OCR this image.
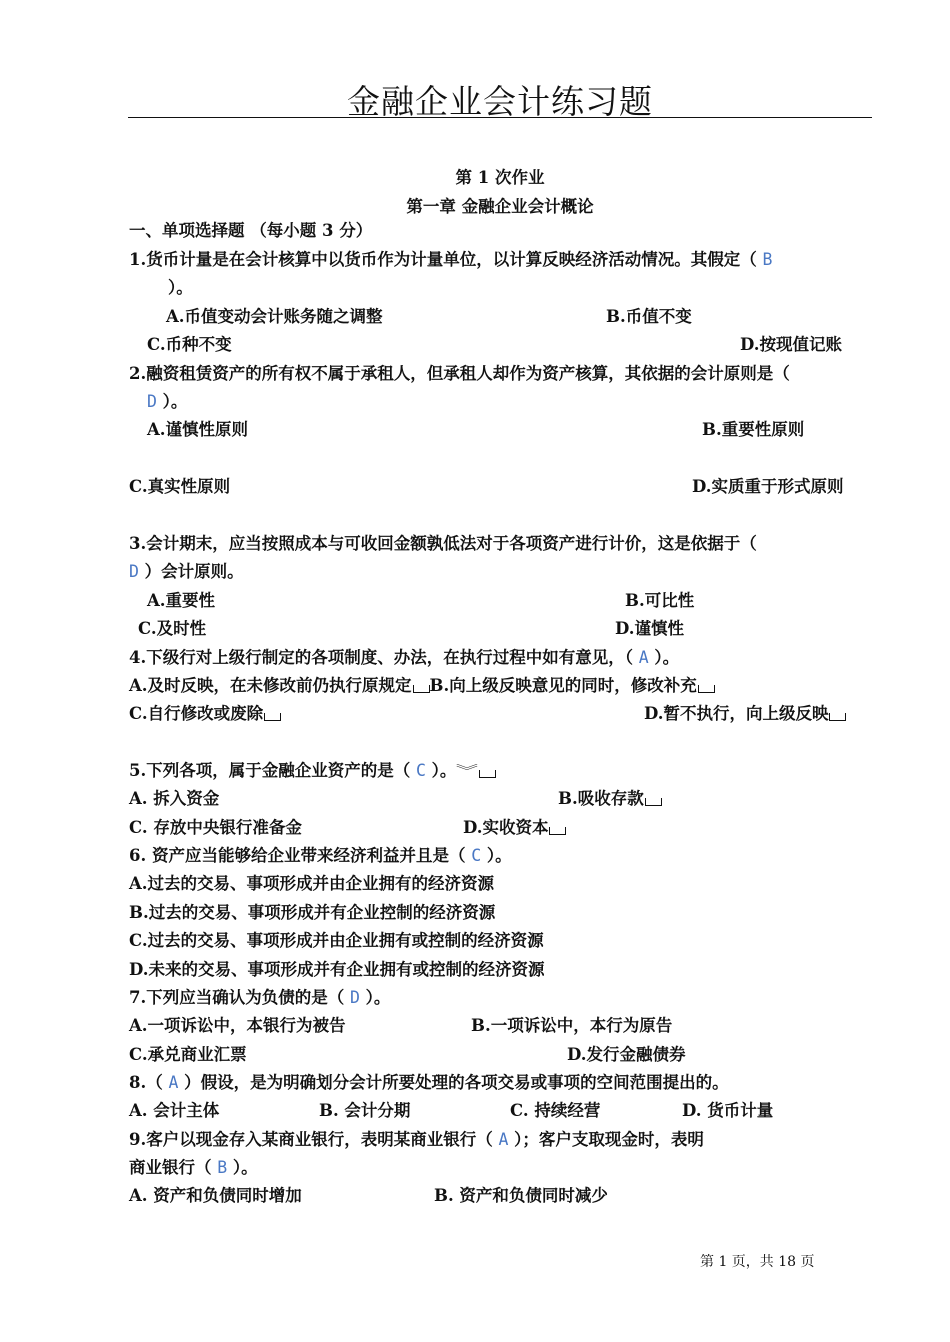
金融企业会计练习题
第 1 次作业
第一章 金融企业会计概论
一、单项选择题 （每小题 3 分）
1.货币计量是在会计核算中以货币作为计量单位，以计算反映经济活动情况。其假定（ B
）。
A.币值变动会计账务随之调整	B.币值不变
C.币种不变	D.按现值记账
2.融资租赁资产的所有权不属于承租人，但承租人却作为资产核算，其依据的会计原则是（
D ）。
A.谨慎性原则	B.重要性原则
C.真实性原则	D.实质重于形式原则
3.会计期末，应当按照成本与可收回金额孰低法对于各项资产进行计价，这是依据于（
D ）会计原则。
A.重要性	B.可比性
C.及时性	D.谨慎性
4.下级行对上级行制定的各项制度、办法，在执行过程中如有意见，（ A ）。
A.及时反映，在未修改前仍执行原规定 B.向上级反映意见的同时，修改补充
C.自行修改或废除	D.暂不执行，向上级反映
5.下列各项，属于金融企业资产的是（ C ）。︾
A. 拆入资金	B.吸收存款
C. 存放中央银行准备金	D.实收资本
6. 资产应当能够给企业带来经济利益并且是（ C ）。
A.过去的交易、事项形成并由企业拥有的经济资源
B.过去的交易、事项形成并有企业控制的经济资源
C.过去的交易、事项形成并由企业拥有或控制的经济资源
D.未来的交易、事项形成并有企业拥有或控制的经济资源
7.下列应当确认为负债的是（ D ）。
A.一项诉讼中，本银行为被告	B.一项诉讼中，本行为原告
C.承兑商业汇票	D.发行金融债券
8.（ A ）假设，是为明确划分会计所要处理的各项交易或事项的空间范围提出的。
A. 会计主体	B. 会计分期	C. 持续经营	D. 货币计量
9.客户以现金存入某商业银行，表明某商业银行（ A ）；客户支取现金时，表明
商业银行（ B ）。
A. 资产和负债同时增加	B. 资产和负债同时减少
第 1 页，共 18 页
